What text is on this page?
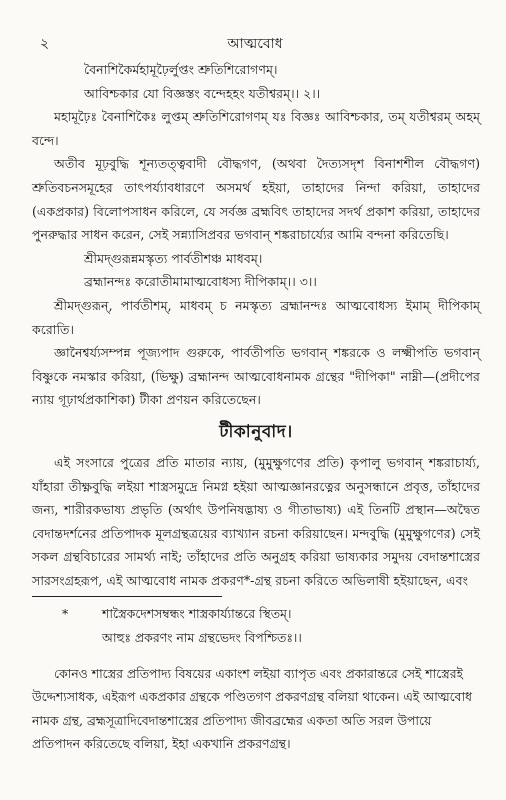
২	আত্মবোধ
বৈনাশিকৈর্মহামূঢ়ৈর্লুপ্তং শ্রুতিশিরোগণম্।
আবিশ্চকার যো বিজ্ঞস্তং বন্দেহহং যতীশ্বরম্।। ২।।

মহামূঢ়ৈঃ বৈনাশিকৈঃ লুপ্তম্ শ্রুতিশিরোগণম্ যঃ বিজ্ঞঃ আবিশ্চকার, তম্ যতীশ্বরম্ অহম্ বন্দে।

অতীব মূঢ়বুদ্ধি শূন্যতত্ত্ববাদী বৌদ্ধগণ, (অথবা দৈত্যসদৃশ বিনাশশীল বৌদ্ধগণ) শ্রুতিবচনসমূহের তাৎপর্য্যাবধারণে অসমর্থ হইয়া, তাহাদের নিন্দা করিয়া, তাহাদের (একপ্রকার) বিলোপসাধন করিলে, যে সর্বজ্ঞ ব্রহ্মবিৎ তাহাদের সদর্থ প্রকাশ করিয়া, তাহাদের পুনরুদ্ধার সাধন করেন, সেই সন্ন্যাসিপ্রবর ভগবান্ শঙ্করাচার্য্যের আমি বন্দনা করিতেছি।

শ্রীমদ্‌গুরূন্নমস্কৃত্য পার্বতীশঞ্চ মাধবম্।
ব্রহ্মানন্দঃ করোতীমামাত্মবোধস্য দীপিকাম্।। ৩।।

শ্রীমদ্‌গুরূন্, পার্বতীশম্, মাধবম্ চ নমস্কৃত্য ব্রহ্মানন্দঃ আত্মবোধস্য ইমাম্ দীপিকাম্ করোতি।

জ্ঞানৈশ্বর্য্যসম্পন্ন পূজ্যপাদ গুরুকে, পার্বতীপতি ভগবান্ শঙ্করকে ও লক্ষ্মীপতি ভগবান্ বিষ্ণুকে নমস্কার করিয়া, (ভিক্ষু) ব্রহ্মানন্দ আত্মবোধনামক গ্রন্থের "দীপিকা" নাম্নী—(প্রদীপের ন্যায় গূঢ়ার্থপ্রকাশিকা) টীকা প্রণয়ন করিতেছেন।

টীকানুবাদ।

এই সংসারে পুত্রের প্রতি মাতার ন্যায়, (মুমুক্ষুগণের প্রতি) কৃপালু ভগবান্ শঙ্করাচার্য্য, যাঁহারা তীক্ষ্ণবুদ্ধি লইয়া শাস্ত্রসমুদ্রে নিমগ্ন হইয়া আত্মজ্ঞানরত্নের অনুসন্ধানে প্রবৃত্ত, তাঁহাদের জন্য, শারীরকভাষ্য প্রভৃতি (অর্থাৎ উপনিষদ্ভাষ্য ও গীতাভাষ্য) এই তিনটি প্রস্থান—অদ্বৈত বেদান্তদর্শনের প্রতিপাদক মূলগ্রন্থত্রয়ের ব্যাখ্যান রচনা করিয়াছেন। মন্দবুদ্ধি (মুমুক্ষুগণের) সেই সকল গ্রন্থবিচারের সামর্থ্য নাই; তাঁহাদের প্রতি অনুগ্রহ করিয়া ভাষ্যকার সমুদয় বেদান্তশাস্ত্রের সারসংগ্রহরূপ, এই আত্মবোধ নামক প্রকরণ*-গ্রন্থ রচনা করিতে অভিলাষী হইয়াছেন, এবং

*	শাস্ত্রৈকদেশসম্বন্ধং শাস্ত্রকার্য্যান্তরে স্থিতম্।
আহুঃ প্রকরণং নাম গ্রন্থভেদং বিপশ্চিতঃ।।

কোনও শাস্ত্রের প্রতিপাদ্য বিষয়ের একাংশ লইয়া ব্যাপৃত এবং প্রকারান্তরে সেই শাস্ত্রেরই উদ্দেশ্যসাধক, এইরূপ একপ্রকার গ্রন্থকে পণ্ডিতগণ প্রকরণগ্রন্থ বলিয়া থাকেন। এই আত্মবোধ নামক গ্রন্থ, ব্রহ্মসূত্রাদিবেদান্তশাস্ত্রের প্রতিপাদ্য জীবব্রহ্মের একতা অতি সরল উপায়ে প্রতিপাদন করিতেছে বলিয়া, ইহা একখানি প্রকরণগ্রন্থ।
